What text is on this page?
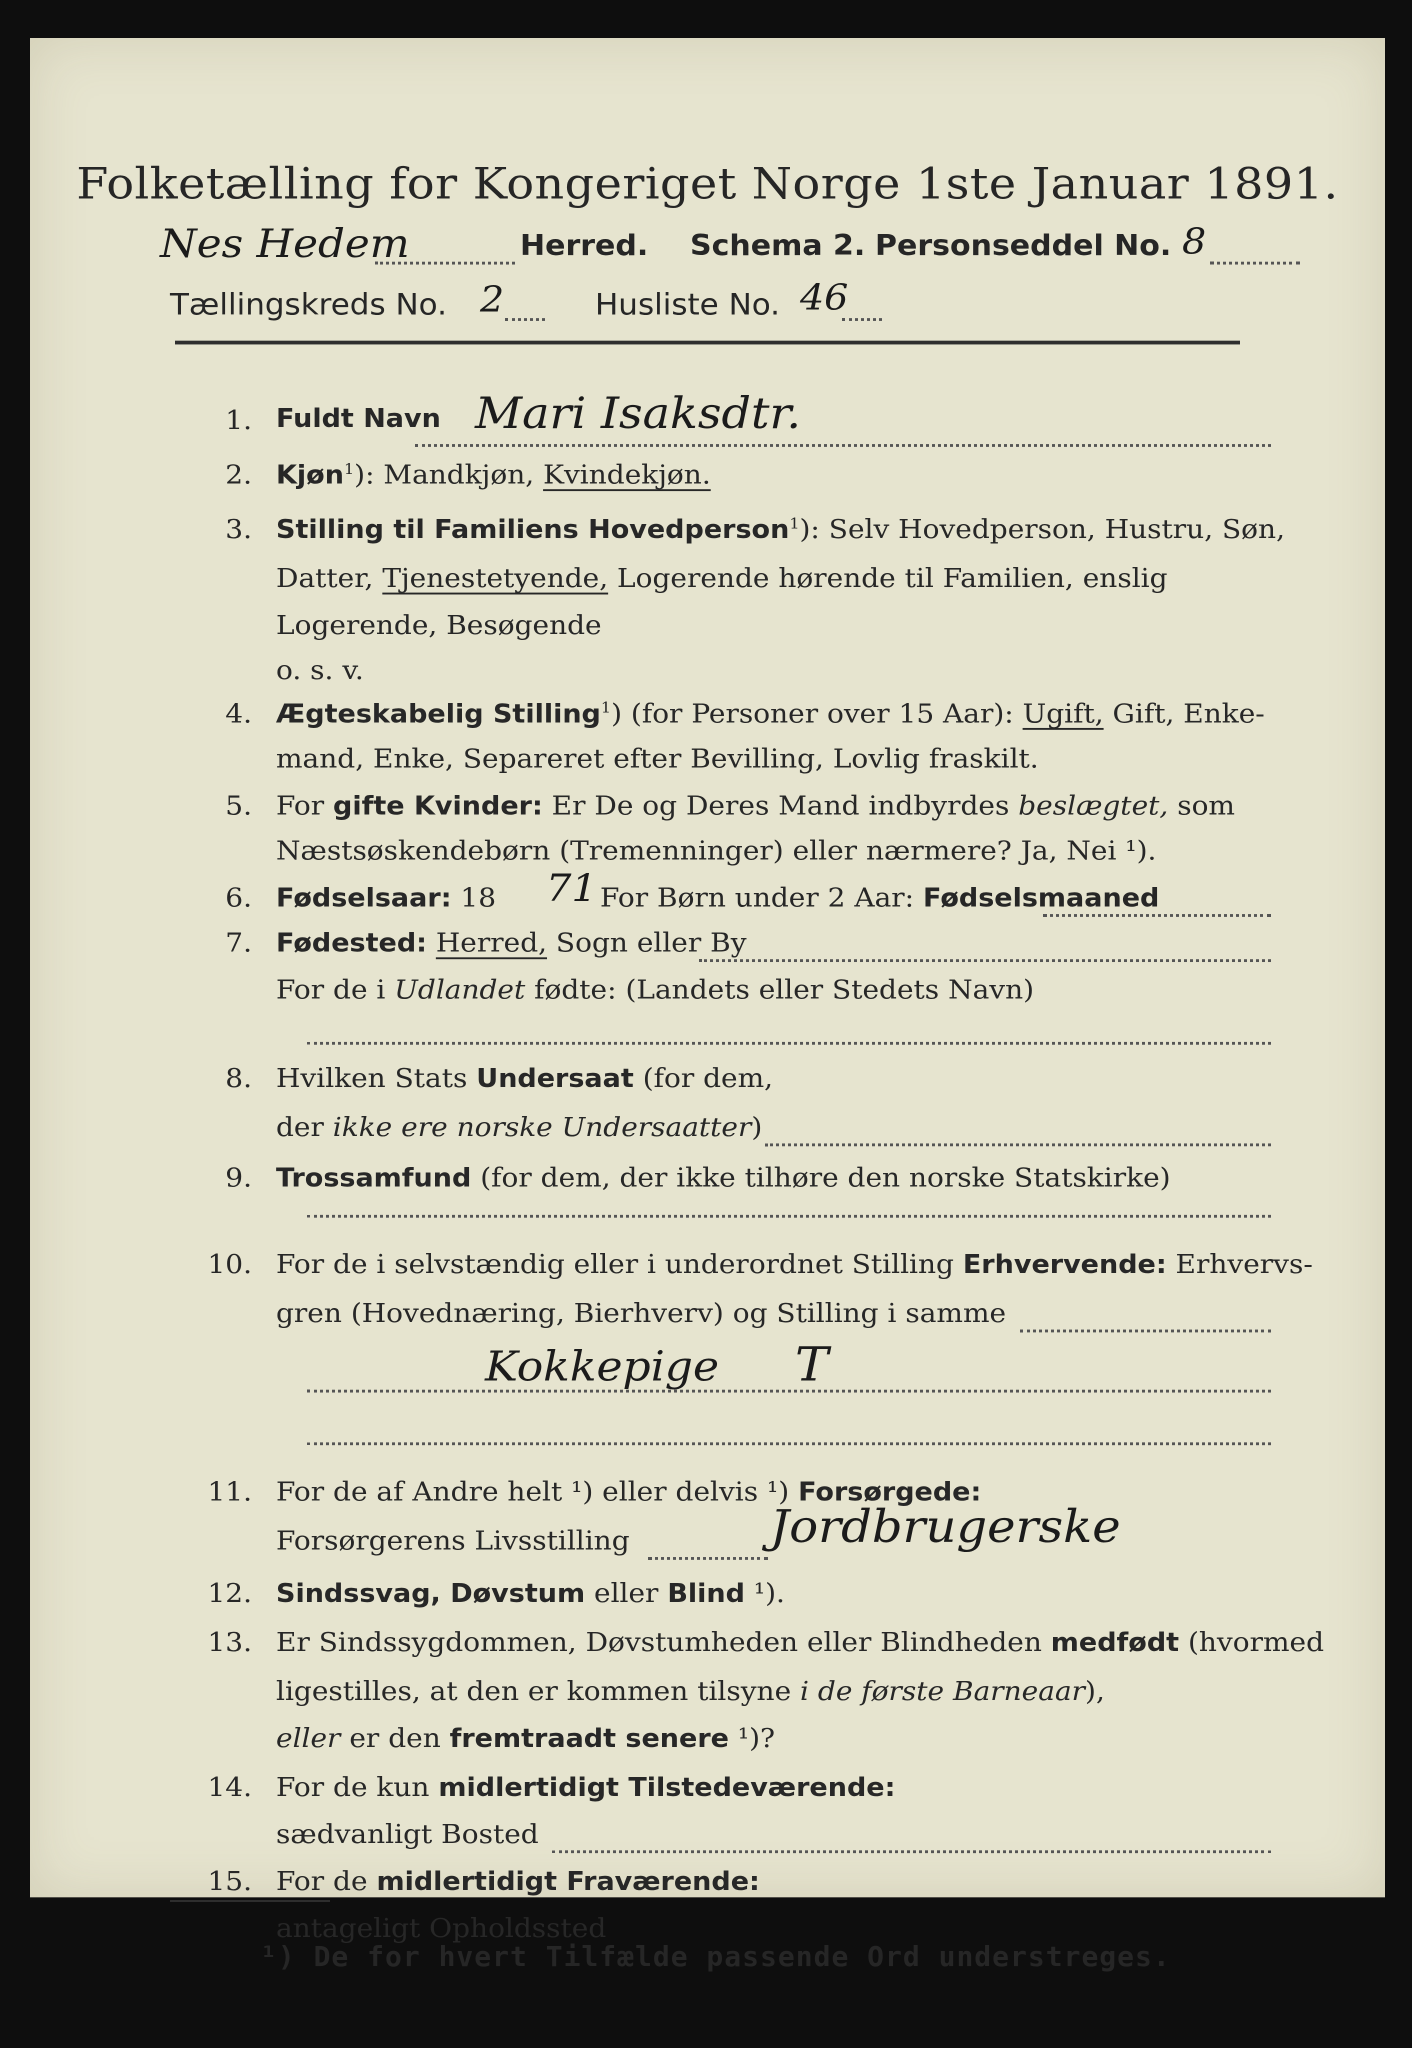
Folketælling for Kongeriget Norge 1ste Januar 1891.
Nes Hedem	Herred. Schema 2. Personseddel No. 8
Tællingskreds No. 2	Husliste No. 46
1. Fuldt Navn Mari Isaksdtr.
2. Kjøn$^1$): Mandkjøn, Kvindekjøn.
3. Stilling til Familiens Hovedperson$^1$): Selv Hovedperson, Hustru, Søn,
Datter, Tjenestetyende, Logerende hørende til Familien, enslig
Logerende, Besøgende
o. s. v.
4. Ægteskabelig Stilling$^1$) (for Personer over 15 Aar): Ugift, Gift, Enke-
mand, Enke, Separeret efter Bevilling, Lovlig fraskilt.
5. For gifte Kvinder: Er De og Deres Mand indbyrdes beslægtet, som
Næstsøskendebørn (Tremenninger) eller nærmere? Ja, Nei ¹).
6. Fødselsaar: 18 71 For Børn under 2 Aar: Fødselsmaaned
7. Fødested: Herred, Sogn eller By
For de i Udlandet fødte: (Landets eller Stedets Navn)
8. Hvilken Stats Undersaat (for dem,
der ikke ere norske Undersaatter)
9. Trossamfund (for dem, der ikke tilhøre den norske Statskirke)
10. For de i selvstændig eller i underordnet Stilling Erhvervende: Erhvervs-
gren (Hovednæring, Bierhverv) og Stilling i samme
Kokkepige T
11. For de af Andre helt ¹) eller delvis ¹) Forsørgede:
Forsørgerens Livsstilling	Jordbrugerske
12. Sindssvag, Døvstum eller Blind ¹).
13. Er Sindssygdommen, Døvstumheden eller Blindheden medfødt (hvormed
ligestilles, at den er kommen tilsyne i de første Barneaar),
eller er den fremtraadt senere ¹)?
14. For de kun midlertidigt Tilstedeværende:
sædvanligt Bosted
15. For de midlertidigt Fraværende:
antageligt Opholdssted
¹) De for hvert Tilfælde passende Ord understreges.
